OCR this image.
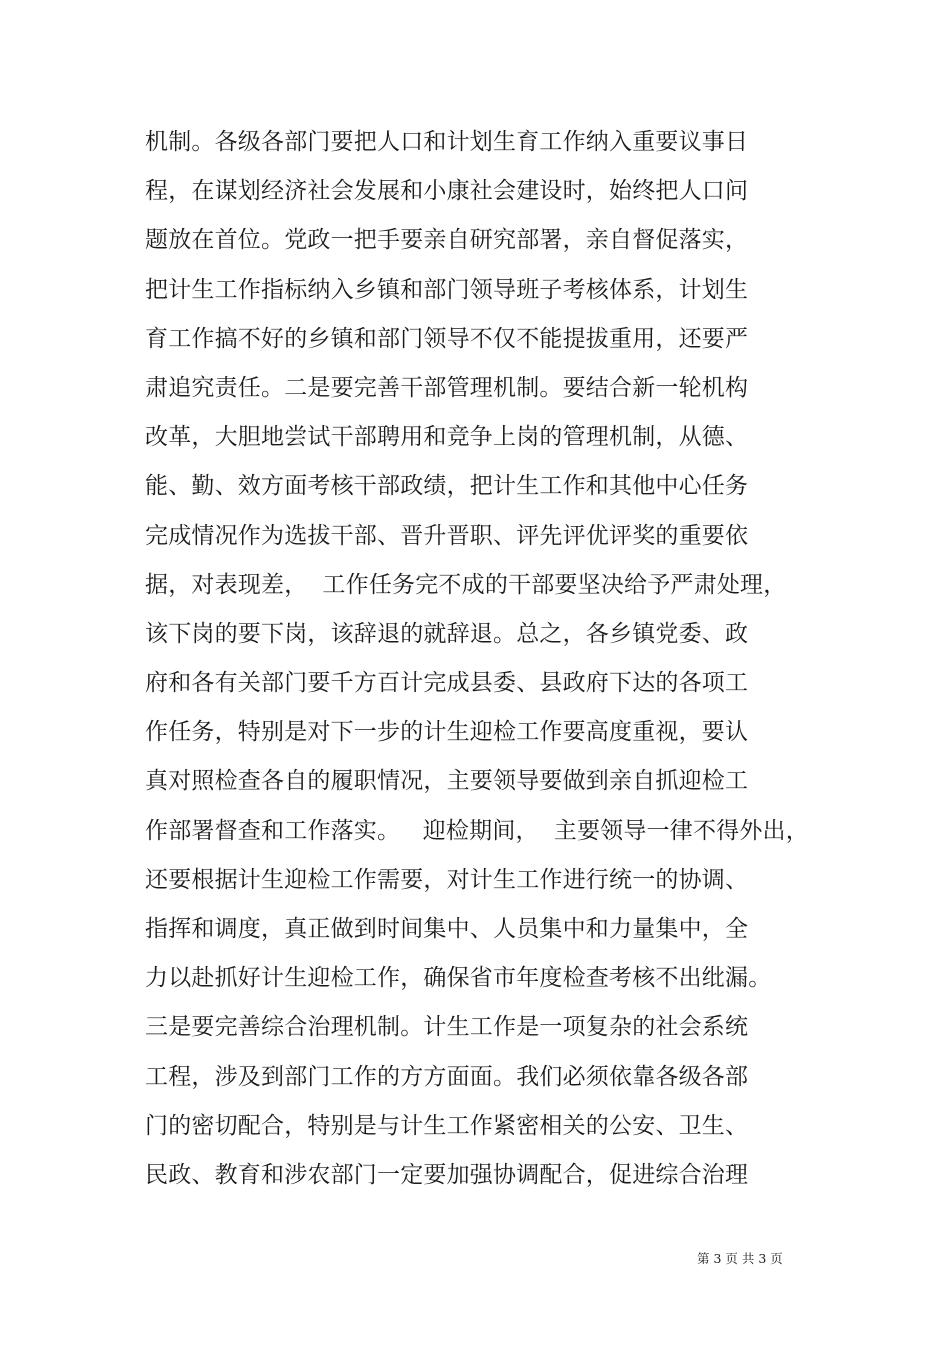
机制。各级各部门要把人口和计划生育工作纳入重要议事日
程，在谋划经济社会发展和小康社会建设时，始终把人口问
题放在首位。党政一把手要亲自研究部署，亲自督促落实，
把计生工作指标纳入乡镇和部门领导班子考核体系，计划生
育工作搞不好的乡镇和部门领导不仅不能提拔重用，还要严
肃追究责任。二是要完善干部管理机制。要结合新一轮机构
改革，大胆地尝试干部聘用和竞争上岗的管理机制，从德、
能、勤、效方面考核干部政绩，把计生工作和其他中心任务
完成情况作为选拔干部、晋升晋职、评先评优评奖的重要依
据，对表现差，  工作任务完不成的干部要坚决给予严肃处理，
该下岗的要下岗，该辞退的就辞退。总之，各乡镇党委、政
府和各有关部门要千方百计完成县委、县政府下达的各项工
作任务，特别是对下一步的计生迎检工作要高度重视，要认
真对照检查各自的履职情况，主要领导要做到亲自抓迎检工
作部署督查和工作落实。   迎检期间，  主要领导一律不得外出，
还要根据计生迎检工作需要，对计生工作进行统一的协调、
指挥和调度，真正做到时间集中、人员集中和力量集中，全
力以赴抓好计生迎检工作，确保省市年度检查考核不出纰漏。
三是要完善综合治理机制。计生工作是一项复杂的社会系统
工程，涉及到部门工作的方方面面。我们必须依靠各级各部
门的密切配合，特别是与计生工作紧密相关的公安、卫生、
民政、教育和涉农部门一定要加强协调配合，促进综合治理
第 3 页 共 3 页
